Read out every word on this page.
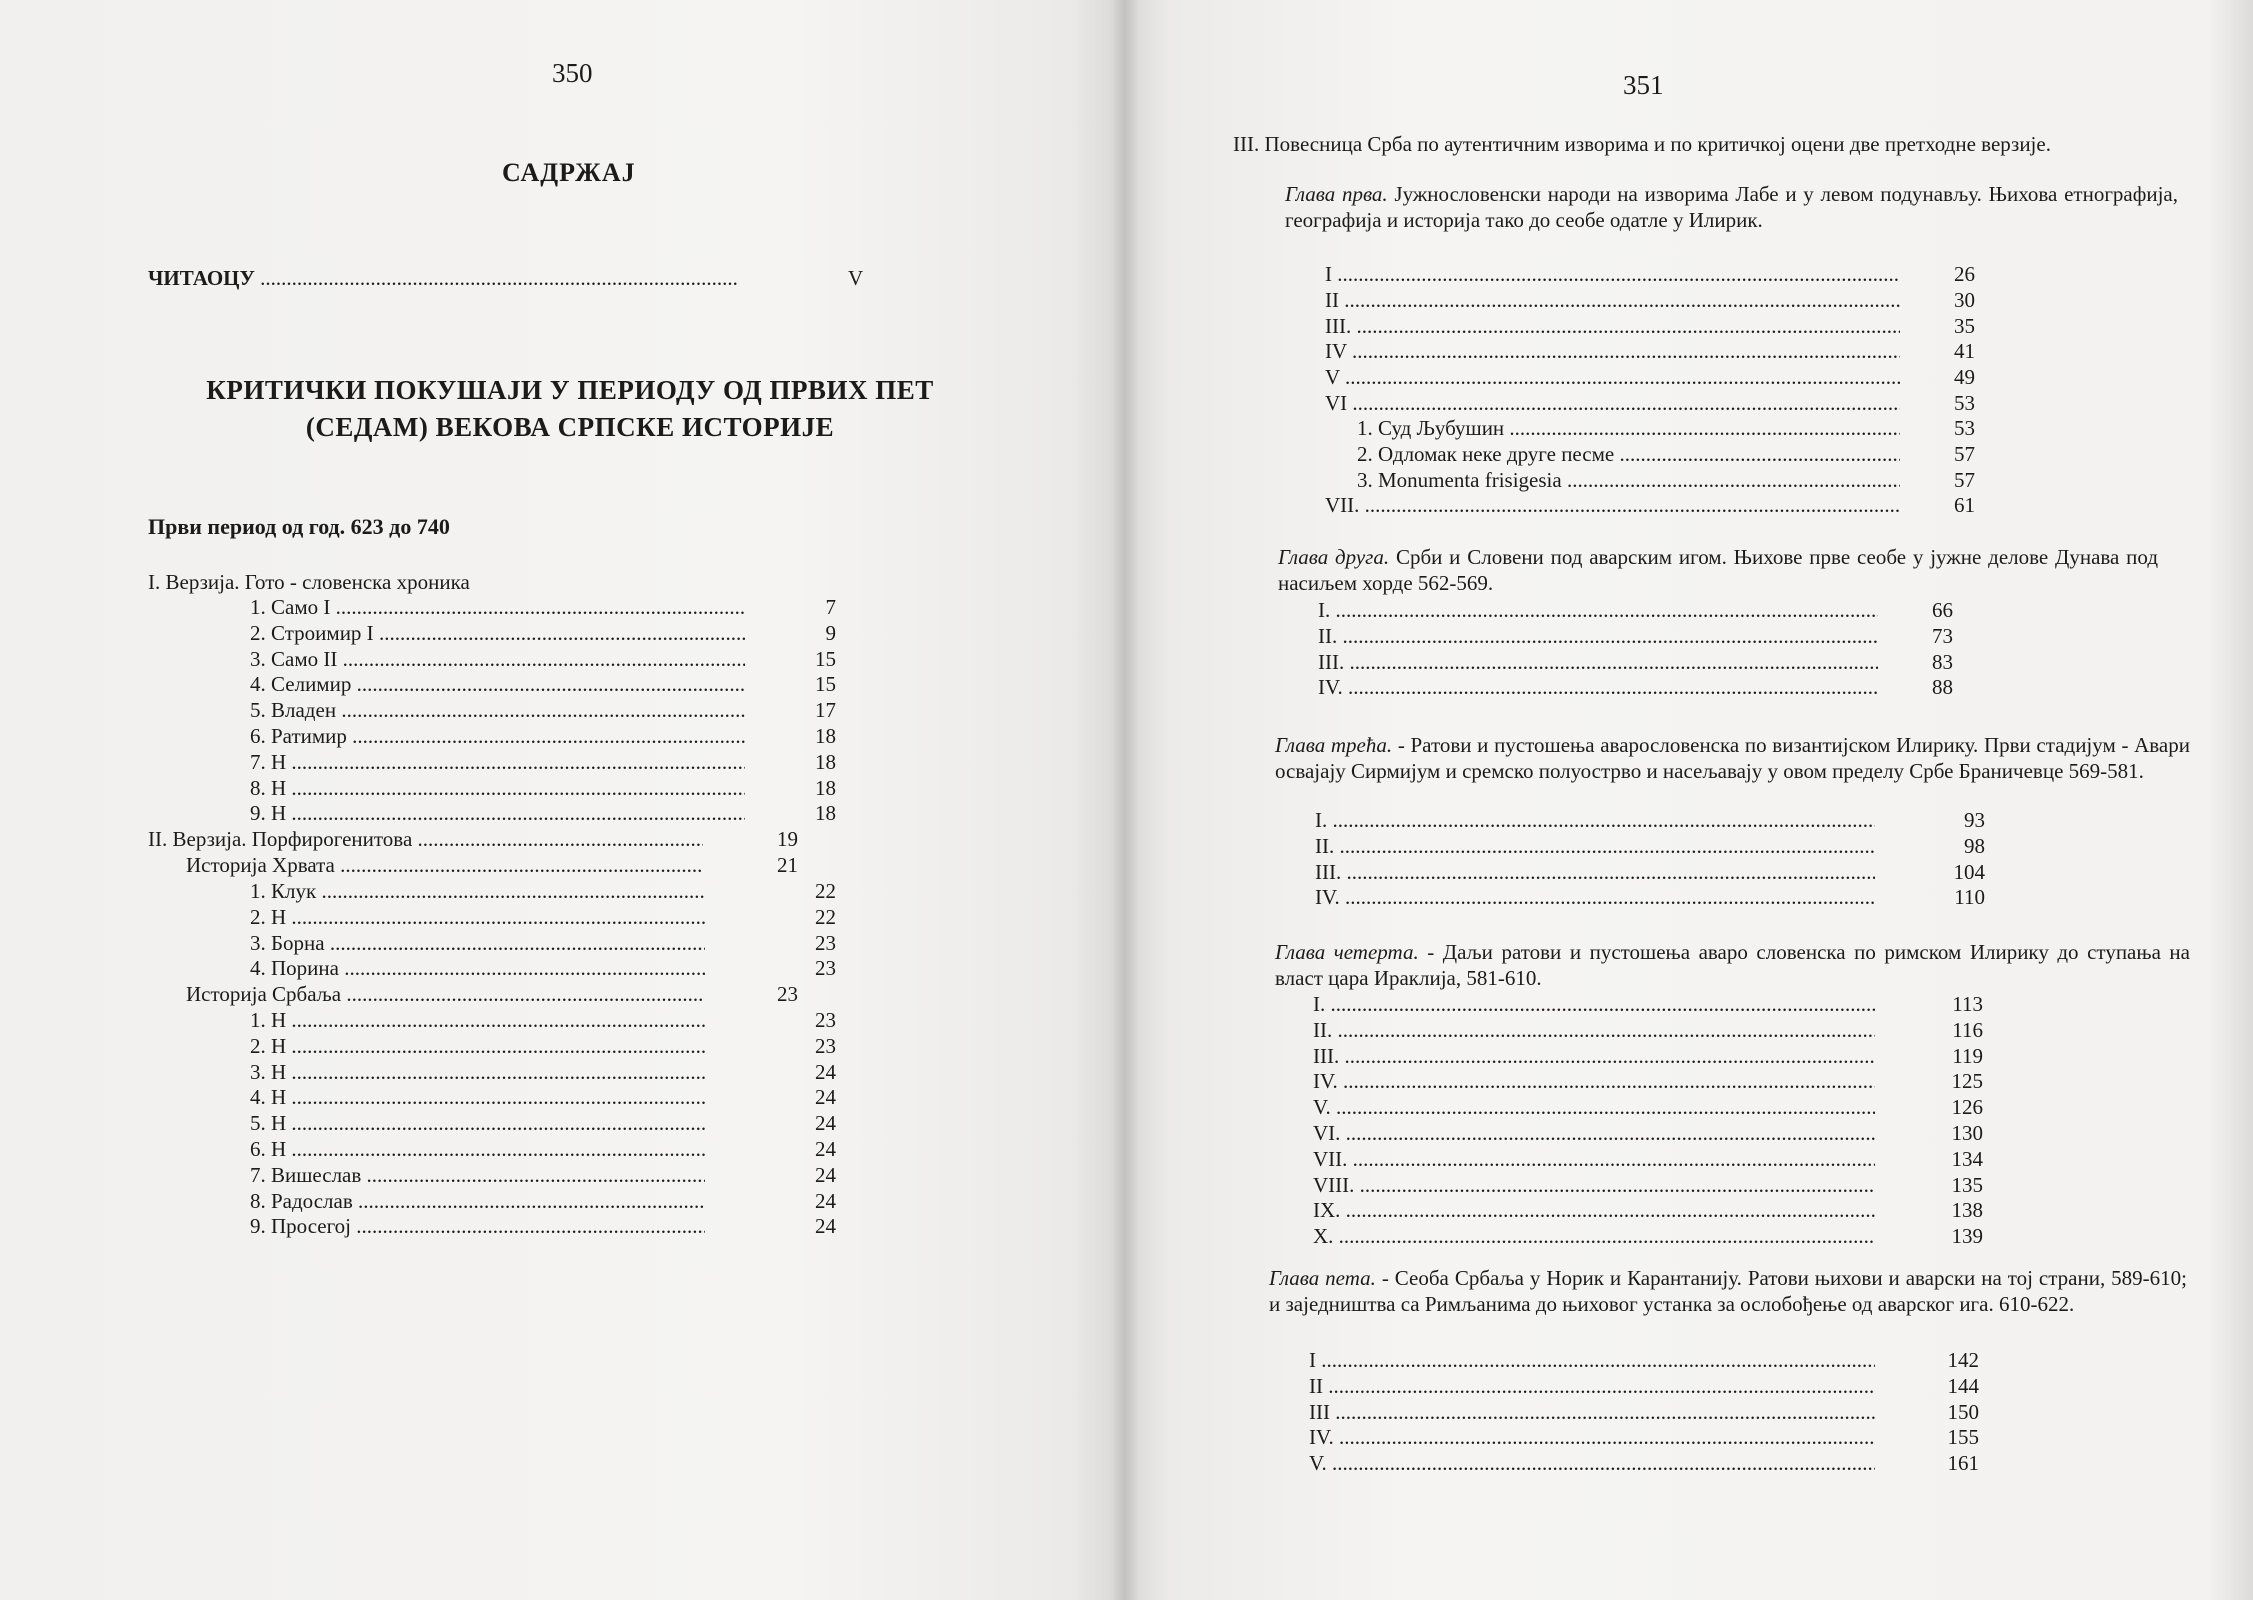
350
САДРЖАЈ
ЧИТАОЦУ .....	V
КРИТИЧКИ ПОКУШАЈИ У ПЕРИОДУ ОД ПРВИХ ПЕТ
(СЕДАМ) ВЕКОВА СРПСКЕ ИСТОРИЈЕ
Први период од год. 623 до 740
I. Верзија. Гото - словенска хроника
1. Само I .....	7
2. Строимир I .....	9
3. Само II .....	15
4. Селимир .....	15
5. Владен .....	17
6. Ратимир .....	18
7. Н .....	18
8. Н .....	18
9. Н .....	18
II. Верзија. Порфирогенитова .....	19
Историја Хрвата .....	21
1. Клук .....	22
2. Н .....	22
3. Борна .....	23
4. Порина .....	23
Историја Србаља .....	23
1. Н .....	23
2. Н .....	23
3. Н .....	24
4. Н .....	24
5. Н .....	24
6. Н .....	24
7. Вишеслав .....	24
8. Радослав .....	24
9. Просегој .....	24
351
III. Повесница Срба по аутентичним изворима и по критичкој оцени две претходне верзије.
Глава прва. Јужнословенски народи на изворима Лабе и у левом подунављу. Њихова етнографија, географија и историја тако до сеобе одатле у Илирик.
I .....	26
II .....	30
III. .....	35
IV .....	41
V .....	49
VI .....	53
1. Суд Љубушин .....	53
2. Одломак неке друге песме .....	57
3. Monumenta frisigesia .....	57
VII. .....	61
Глава друга. Срби и Словени под аварским игом. Њихове прве сеобе у јужне делове Дунава под насиљем хорде 562-569.
I. .....	66
II. .....	73
III. .....	83
IV. .....	88
Глава трећа. - Ратови и пустошења аварословенска по византијском Илирику. Први стадијум - Авари освајају Сирмијум и сремско полуострво и насељавају у овом пределу Србе Браничевце 569-581.
I. .....	93
II. .....	98
III. .....	104
IV. .....	110
Глава четерта. - Даљи ратови и пустошења аваро словенска по римском Илирику до ступања на власт цара Ираклија, 581-610.
I. .....	113
II. .....	116
III. .....	119
IV. .....	125
V. .....	126
VI. .....	130
VII. .....	134
VIII. .....	135
IX. .....	138
X. .....	139
Глава пета. - Сеоба Србаља у Норик и Карантанију. Ратови њихови и аварски на тој страни, 589-610; и заједништва са Римљанима до њиховог устанка за ослобођење од аварског ига. 610-622.
I .....	142
II .....	144
III .....	150
IV. .....	155
V. .....	161
